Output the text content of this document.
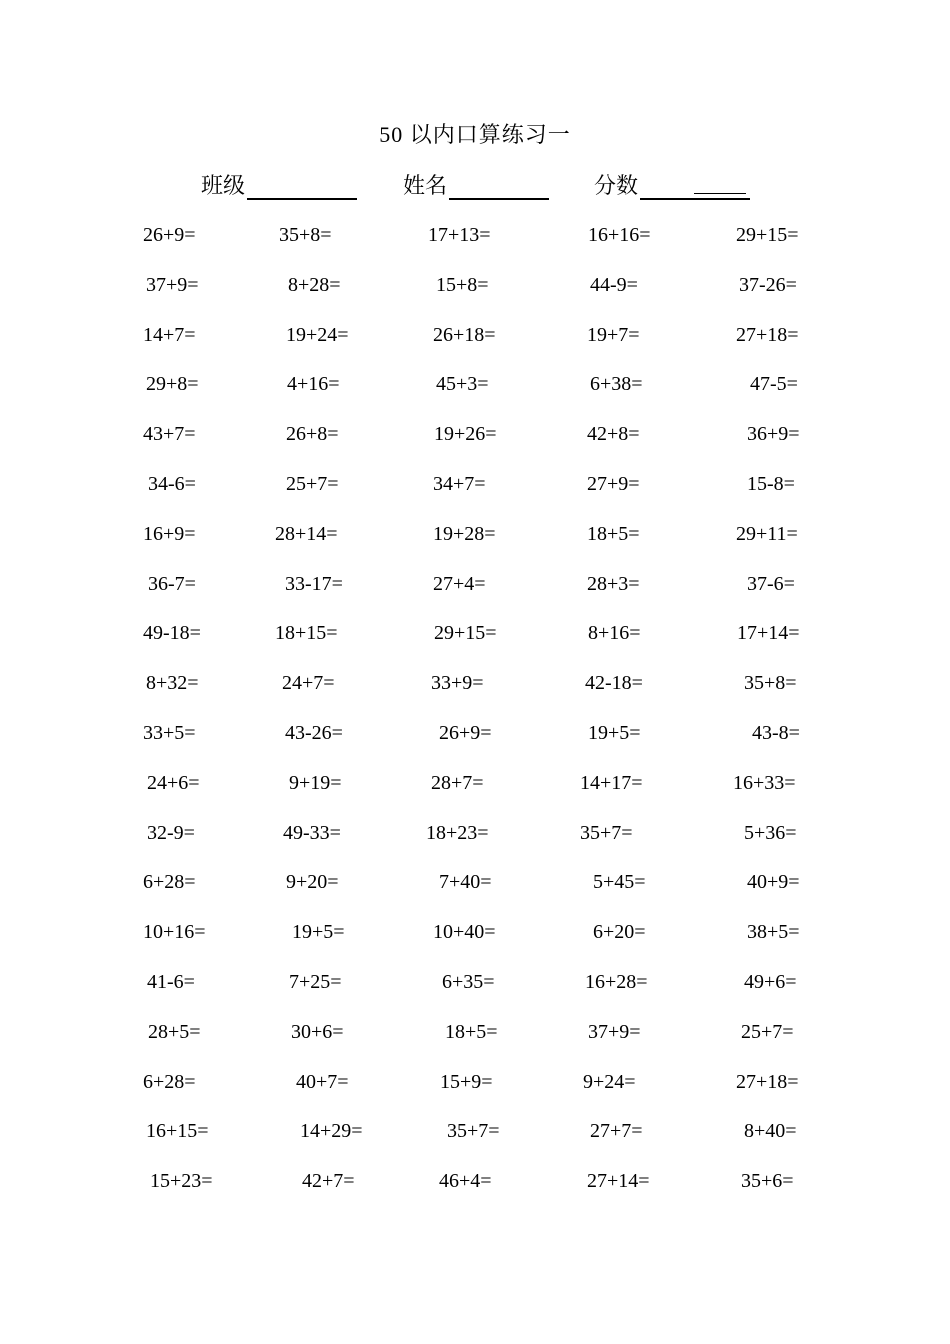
50 以内口算练习一
班级	姓名	分数
26+9=	35+8=	17+13=	16+16=	29+15=
37+9=	8+28=	15+8=	44-9=	37-26=
14+7=	19+24=	26+18=	19+7=	27+18=
29+8=	4+16=	45+3=	6+38=	47-5=
43+7=	26+8=	19+26=	42+8=	36+9=
34-6=	25+7=	34+7=	27+9=	15-8=
16+9=	28+14=	19+28=	18+5=	29+11=
36-7=	33-17=	27+4=	28+3=	37-6=
49-18=	18+15=	29+15=	8+16=	17+14=
8+32=	24+7=	33+9=	42-18=	35+8=
33+5=	43-26=	26+9=	19+5=	43-8=
24+6=	9+19=	28+7=	14+17=	16+33=
32-9=	49-33=	18+23=	35+7=	5+36=
6+28=	9+20=	7+40=	5+45=	40+9=
10+16=	19+5=	10+40=	6+20=	38+5=
41-6=	7+25=	6+35=	16+28=	49+6=
28+5=	30+6=	18+5=	37+9=	25+7=
6+28=	40+7=	15+9=	9+24=	27+18=
16+15=	14+29=	35+7=	27+7=	8+40=
15+23=	42+7=	46+4=	27+14=	35+6=
